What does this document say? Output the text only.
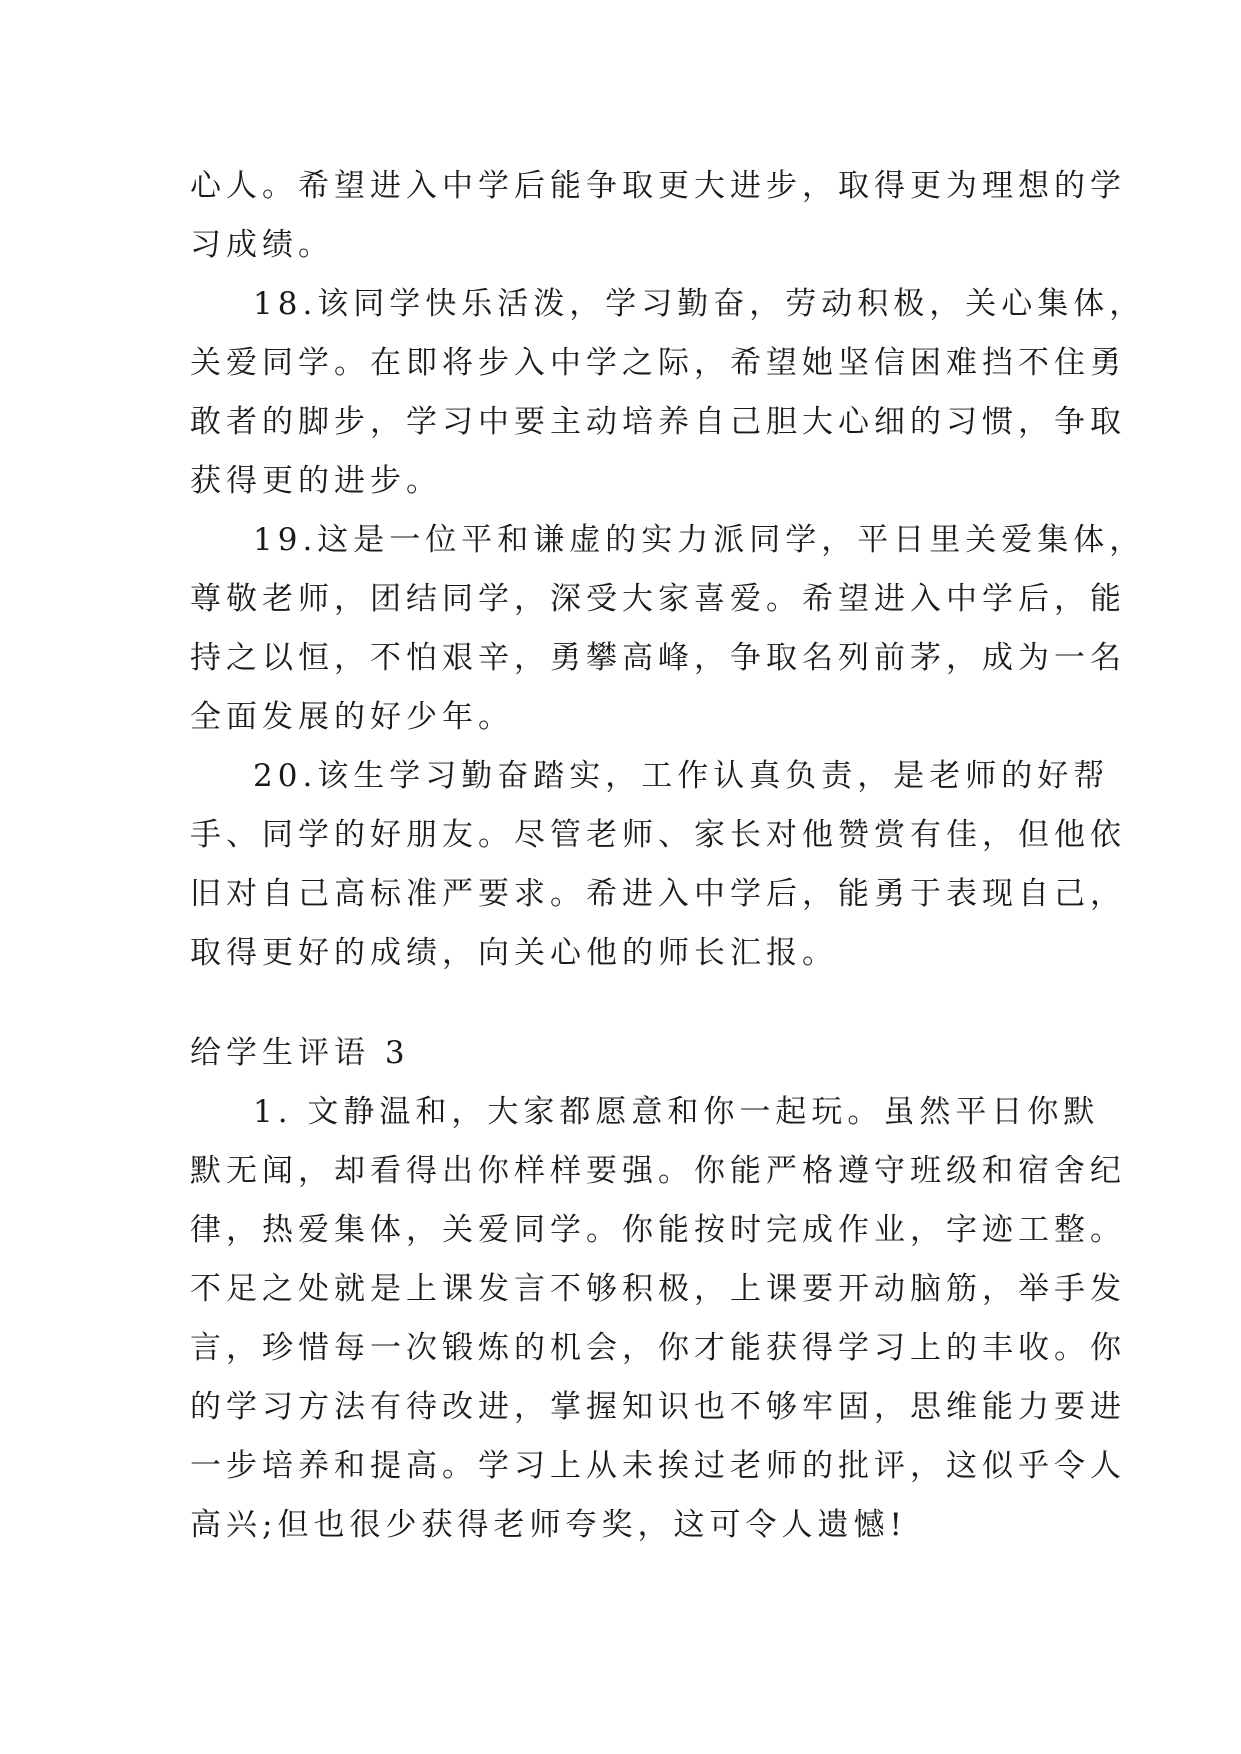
心人。希望进入中学后能争取更大进步，取得更为理想的学
习成绩。
18.该同学快乐活泼，学习勤奋，劳动积极，关心集体，
关爱同学。在即将步入中学之际，希望她坚信困难挡不住勇
敢者的脚步，学习中要主动培养自己胆大心细的习惯，争取
获得更的进步。
19.这是一位平和谦虚的实力派同学，平日里关爱集体，
尊敬老师，团结同学，深受大家喜爱。希望进入中学后，能
持之以恒，不怕艰辛，勇攀高峰，争取名列前茅，成为一名
全面发展的好少年。
20.该生学习勤奋踏实，工作认真负责，是老师的好帮
手、同学的好朋友。尽管老师、家长对他赞赏有佳，但他依
旧对自己高标准严要求。希进入中学后，能勇于表现自己，
取得更好的成绩，向关心他的师长汇报。
给学生评语 3
1. 文静温和，大家都愿意和你一起玩。虽然平日你默
默无闻，却看得出你样样要强。你能严格遵守班级和宿舍纪
律，热爱集体，关爱同学。你能按时完成作业，字迹工整。
不足之处就是上课发言不够积极，上课要开动脑筋，举手发
言，珍惜每一次锻炼的机会，你才能获得学习上的丰收。你
的学习方法有待改进，掌握知识也不够牢固，思维能力要进
一步培养和提高。学习上从未挨过老师的批评，这似乎令人
高兴;但也很少获得老师夸奖，这可令人遗憾!
